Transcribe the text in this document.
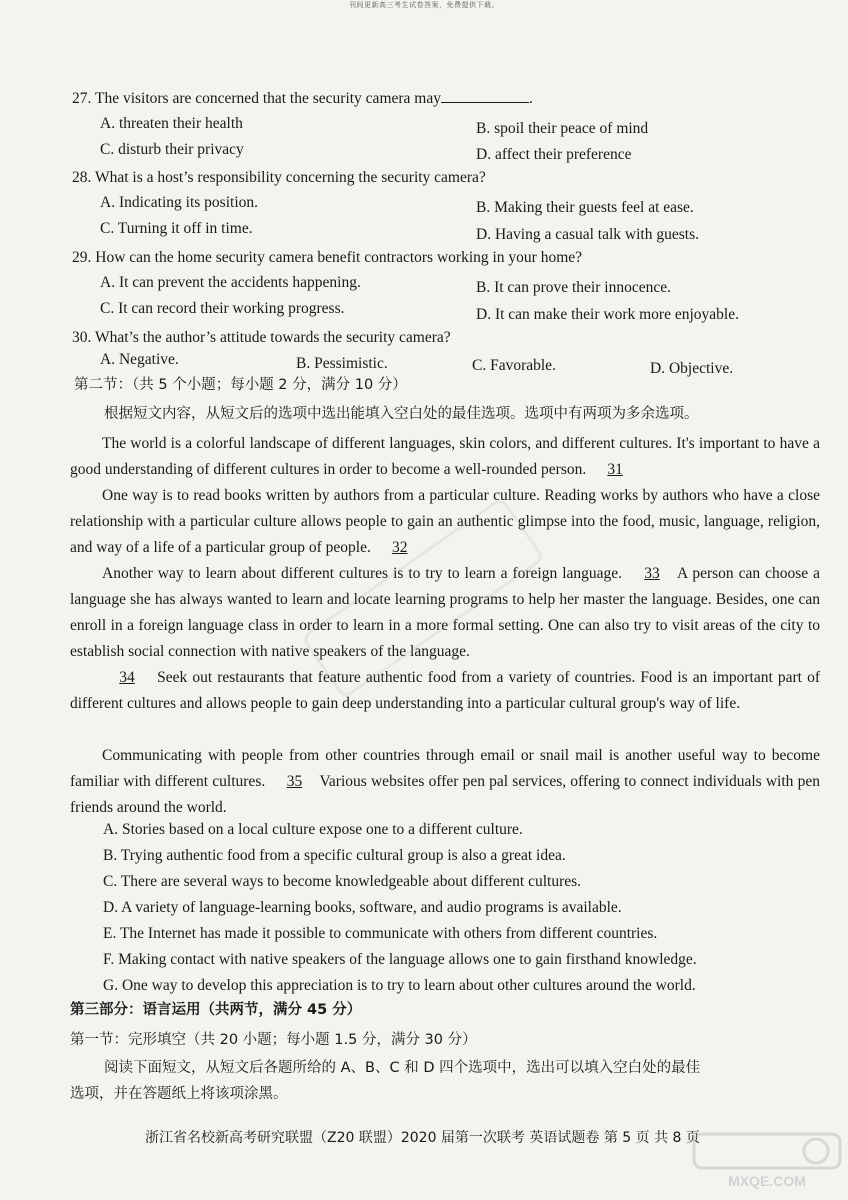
刊间更新高三考生试卷答案，免费提供下载。
27. The visitors are concerned that the security camera may	.
A. threaten their health	B. spoil their peace of mind
C. disturb their privacy	D. affect their preference
28. What is a host’s responsibility concerning the security camera?
A. Indicating its position.	B. Making their guests feel at ease.
C. Turning it off in time.	D. Having a casual talk with guests.
29. How can the home security camera benefit contractors working in your home?
A. It can prevent the accidents happening.	B. It can prove their innocence.
C. It can record their working progress.	D. It can make their work more enjoyable.
30. What’s the author’s attitude towards the security camera?
A. Negative.	B. Pessimistic.	C. Favorable.	D. Objective.
第二节：（共 5 个小题；每小题 2 分，满分 10 分）
根据短文内容，从短文后的选项中选出能填入空白处的最佳选项。选项中有两项为多余选项。
The world is a colorful landscape of different languages, skin colors, and different cultures. It's important to have a good understanding of different cultures in order to become a well-rounded person. 31
One way is to read books written by authors from a particular culture. Reading works by authors who have a close relationship with a particular culture allows people to gain an authentic glimpse into the food, music, language, religion, and way of a life of a particular group of people. 32
Another way to learn about different cultures is to try to learn a foreign language. 33 A person can choose a language she has always wanted to learn and locate learning programs to help her master the language. Besides, one can enroll in a foreign language class in order to learn in a more formal setting. One can also try to visit areas of the city to establish social connection with native speakers of the language.
34 Seek out restaurants that feature authentic food from a variety of countries. Food is an important part of different cultures and allows people to gain deep understanding into a particular cultural group's way of life.
Communicating with people from other countries through email or snail mail is another useful way to become familiar with different cultures. 35 Various websites offer pen pal services, offering to connect individuals with pen friends around the world.
A. Stories based on a local culture expose one to a different culture.
B. Trying authentic food from a specific cultural group is also a great idea.
C. There are several ways to become knowledgeable about different cultures.
D. A variety of language-learning books, software, and audio programs is available.
E. The Internet has made it possible to communicate with others from different countries.
F. Making contact with native speakers of the language allows one to gain firsthand knowledge.
G. One way to develop this appreciation is to try to learn about other cultures around the world.
第三部分：语言运用（共两节，满分 45 分）
第一节：完形填空（共 20 小题；每小题 1.5 分，满分 30 分）
阅读下面短文，从短文后各题所给的 A、B、C 和 D 四个选项中，选出可以填入空白处的最佳
选项，并在答题纸上将该项涂黑。
浙江省名校新高考研究联盟（Z20 联盟）2020 届第一次联考 英语试题卷 第 5 页 共 8 页
MXQE.COM
